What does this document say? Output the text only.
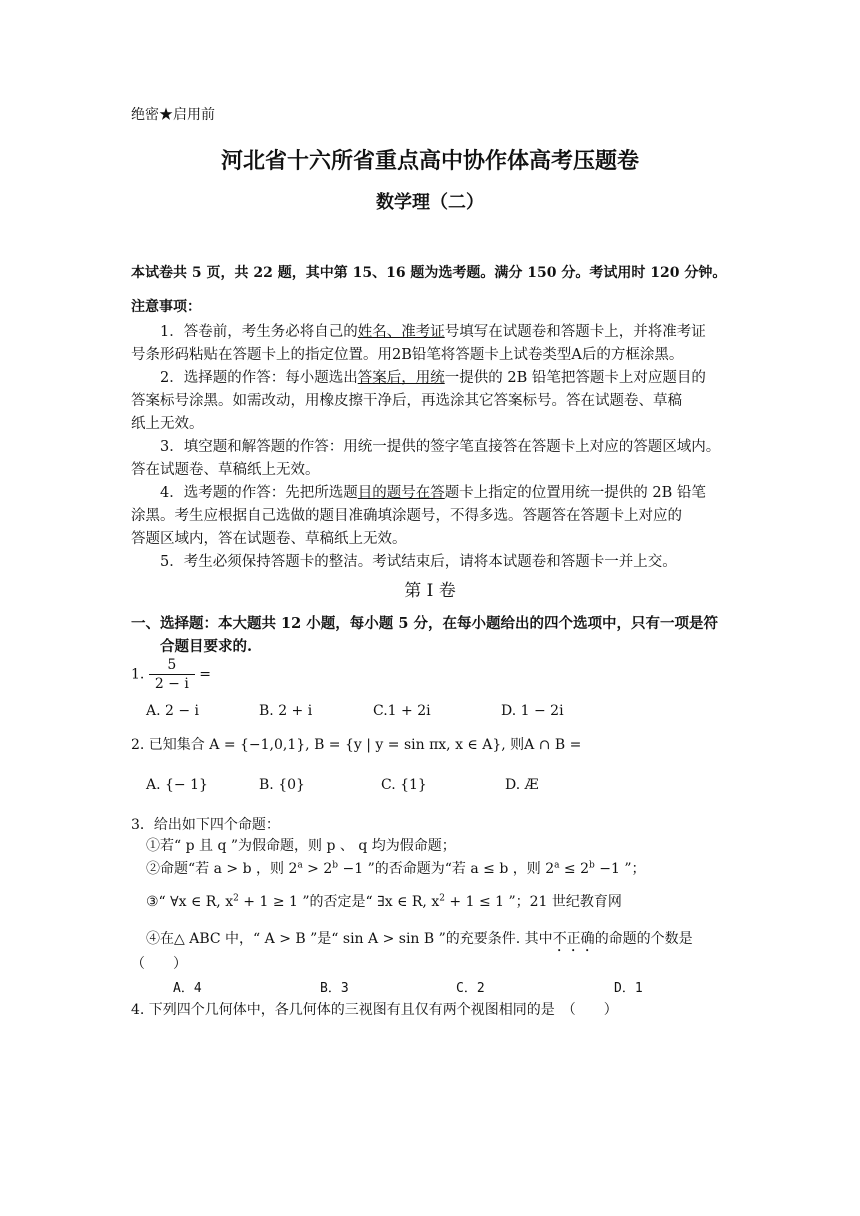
绝密★启用前
河北省十六所省重点高中协作体高考压题卷
数学理（二）
本试卷共 5 页，共 22 题，其中第 15、16 题为选考题。满分 150 分。考试用时 120 分钟。
注意事项：
1．答卷前，考生务必将自己的姓名、准考证号填写在试题卷和答题卡上，并将准考证
号条形码粘贴在答题卡上的指定位置。用2B铅笔将答题卡上试卷类型A后的方框涂黑。
2．选择题的作答：每小题选出答案后，用统一提供的 2B 铅笔把答题卡上对应题目的
答案标号涂黑。如需改动，用橡皮擦干净后，再选涂其它答案标号。答在试题卷、草稿
纸上无效。
3．填空题和解答题的作答：用统一提供的签字笔直接答在答题卡上对应的答题区域内。
答在试题卷、草稿纸上无效。
4．选考题的作答：先把所选题目的题号在答题卡上指定的位置用统一提供的 2B 铅笔
涂黑。考生应根据自己选做的题目准确填涂题号，不得多选。答题答在答题卡上对应的
答题区域内，答在试题卷、草稿纸上无效。
5．考生必须保持答题卡的整洁。考试结束后，请将本试题卷和答题卡一并上交。
第 Ⅰ 卷
一、选择题：本大题共 12 小题，每小题 5 分，在每小题给出的四个选项中，只有一项是符
合题目要求的.
1. $\frac{5}{2 - i}$ =
A. 2 − i	B. 2 + i	C.1 + 2i	D. 1 − 2i
2. 已知集合 A = {−1,0,1}, B = {y | y = sin πx, x ∈ A}, 则A ∩ B =
A. {− 1}	B. {0}	C. {1}	D. Æ
3．给出如下四个命题：
①若“ p 且 q ”为假命题，则 p 、 q 均为假命题；
②命题“若 a > b ，则 $2^a > 2^b -1$ ”的否命题为“若 a ≤ b ，则 $2^a \le 2^b -1$ ”；
③“ ∀x ∈ R, $x^2 + 1 \ge 1$ ”的否定是“ ∃x ∈ R, $x^2 + 1 \le 1$ ”；21 世纪教育网
④在△ ABC 中，“ A > B ”是“ sin A > sin B ”的充要条件. 其中不正确的命题的个数是
（　　）
A．4	B．3	C．2	D．1
4. 下列四个几何体中，各几何体的三视图有且仅有两个视图相同的是　（　　）
